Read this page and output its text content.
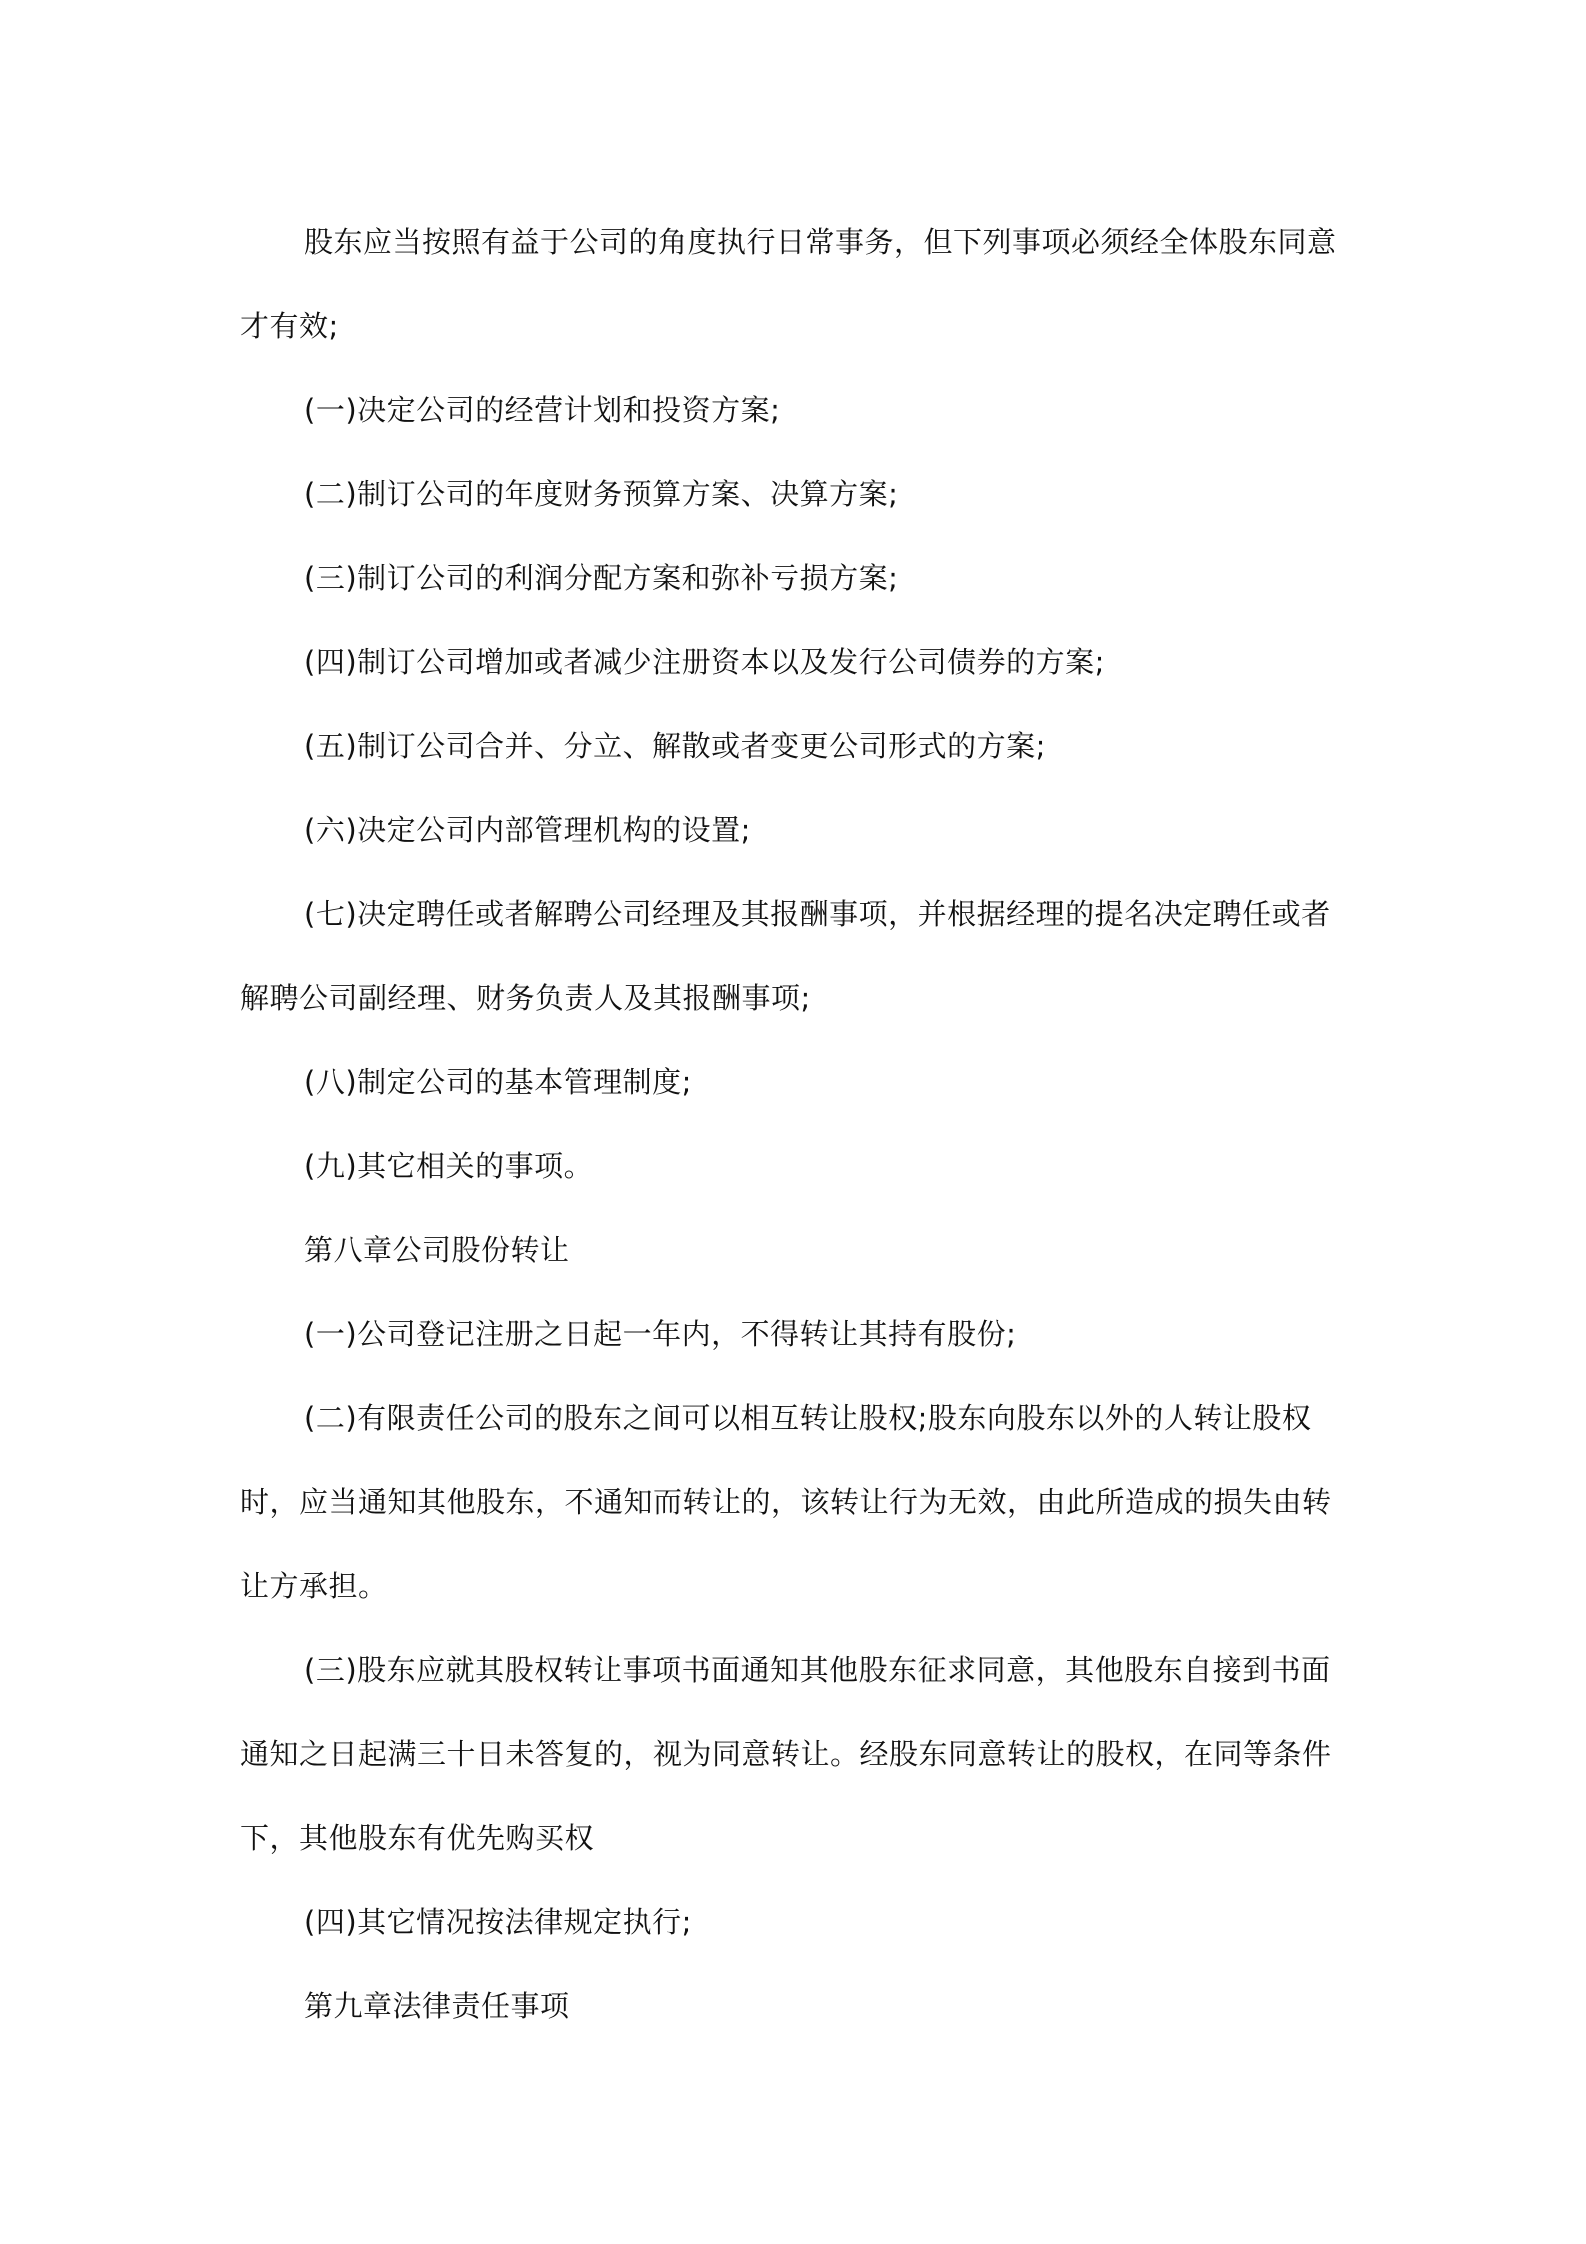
股东应当按照有益于公司的角度执行日常事务，但下列事项必须经全体股东同意才有效;

(一)决定公司的经营计划和投资方案;

(二)制订公司的年度财务预算方案、决算方案;

(三)制订公司的利润分配方案和弥补亏损方案;

(四)制订公司增加或者减少注册资本以及发行公司债券的方案;

(五)制订公司合并、分立、解散或者变更公司形式的方案;

(六)决定公司内部管理机构的设置;

(七)决定聘任或者解聘公司经理及其报酬事项，并根据经理的提名决定聘任或者解聘公司副经理、财务负责人及其报酬事项;

(八)制定公司的基本管理制度;

(九)其它相关的事项。

第八章公司股份转让

(一)公司登记注册之日起一年内，不得转让其持有股份;

(二)有限责任公司的股东之间可以相互转让股权;股东向股东以外的人转让股权时，应当通知其他股东，不通知而转让的，该转让行为无效，由此所造成的损失由转让方承担。

(三)股东应就其股权转让事项书面通知其他股东征求同意，其他股东自接到书面通知之日起满三十日未答复的，视为同意转让。经股东同意转让的股权，在同等条件下，其他股东有优先购买权

(四)其它情况按法律规定执行;

第九章法律责任事项
